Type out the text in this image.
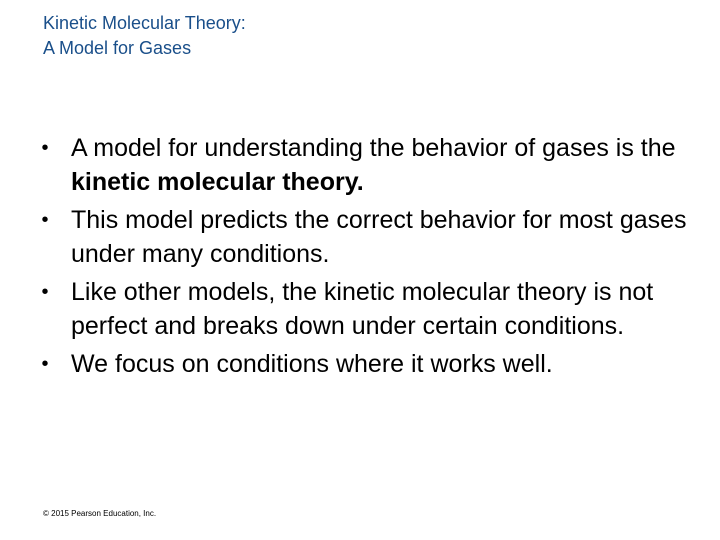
Kinetic Molecular Theory:
A Model for Gases
• A model for understanding the behavior of gases is the kinetic molecular theory.
• This model predicts the correct behavior for most gases under many conditions.
• Like other models, the kinetic molecular theory is not perfect and breaks down under certain conditions.
• We focus on conditions where it works well.
© 2015 Pearson Education, Inc.
